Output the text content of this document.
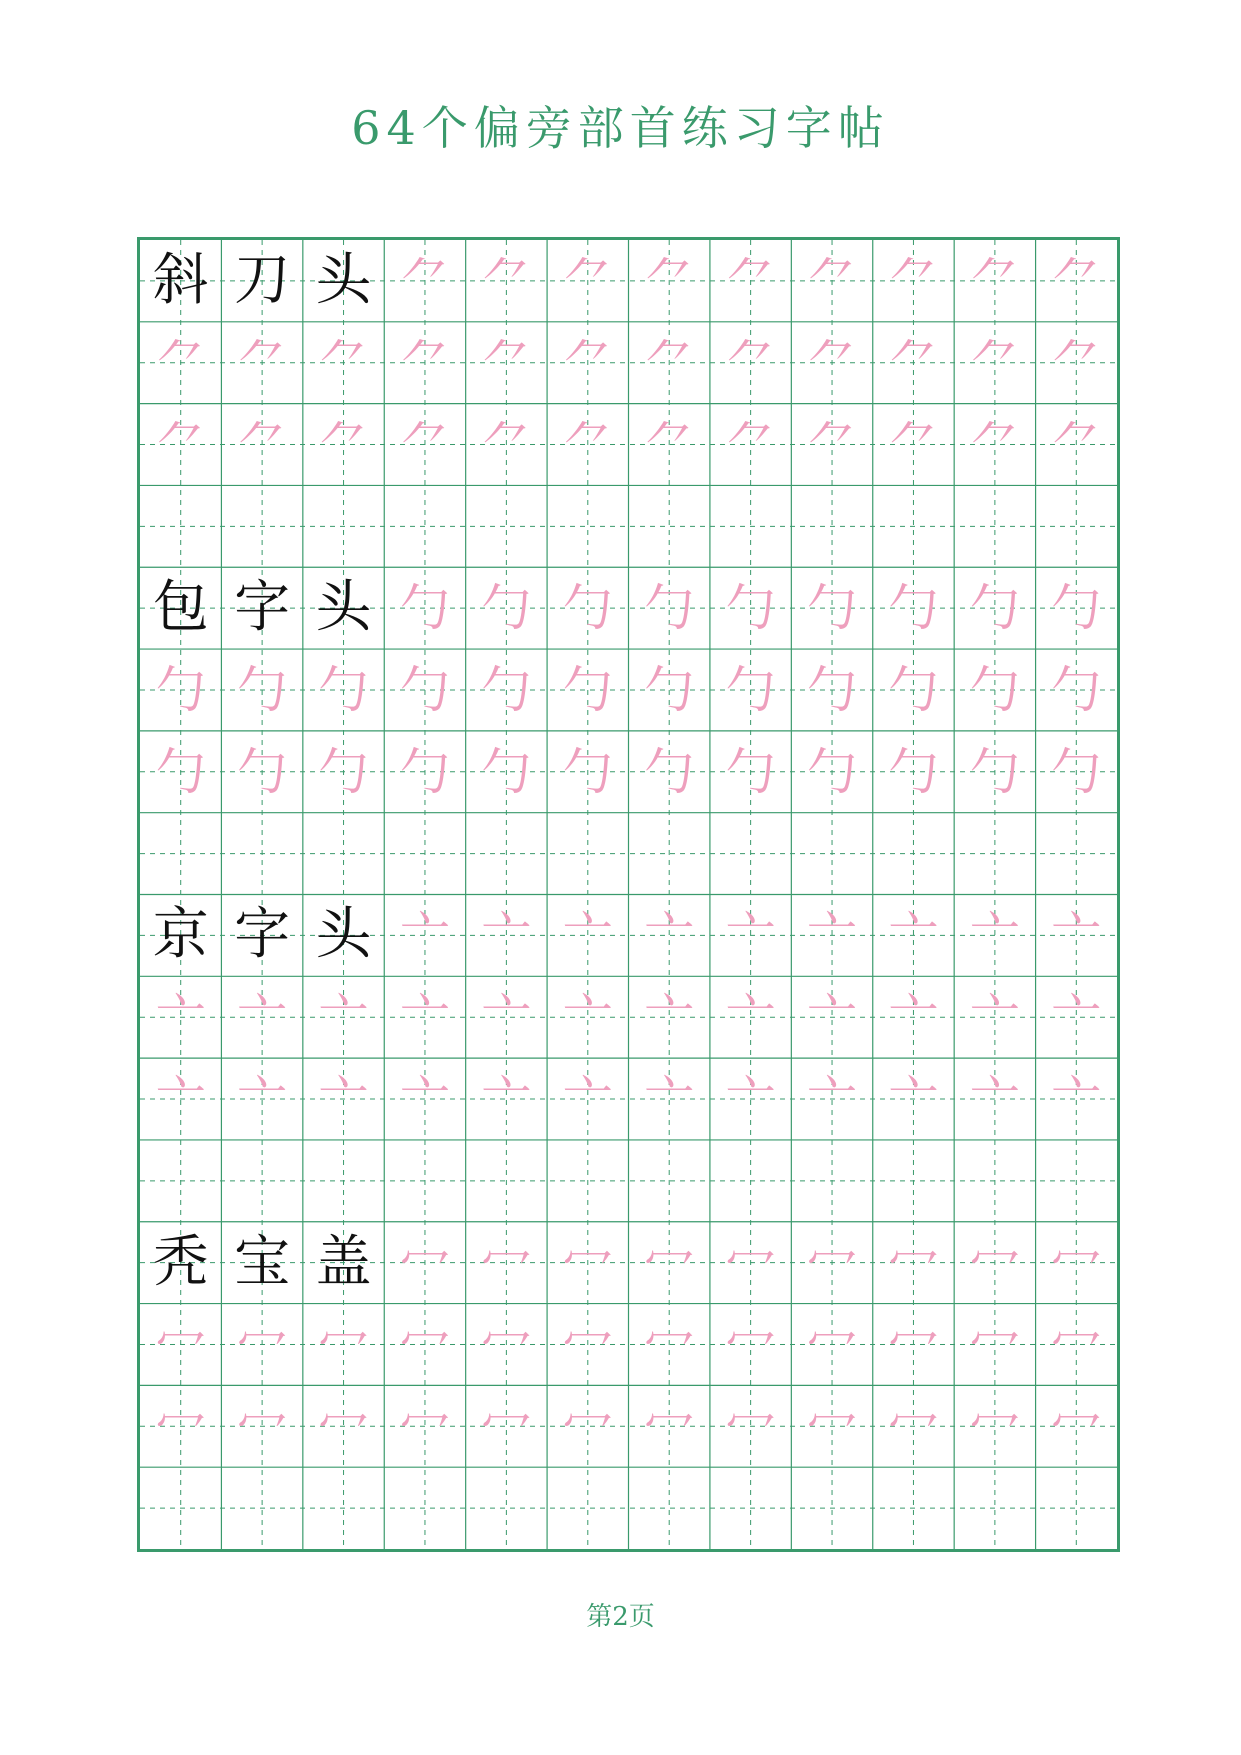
64个偏旁部首练习字帖
斜 刀 头 ⺈ ⺈ ⺈ ⺈ ⺈ ⺈ ⺈ ⺈ ⺈
⺈ ⺈ ⺈ ⺈ ⺈ ⺈ ⺈ ⺈ ⺈ ⺈ ⺈ ⺈
⺈ ⺈ ⺈ ⺈ ⺈ ⺈ ⺈ ⺈ ⺈ ⺈ ⺈ ⺈
包 字 头 勹 勹 勹 勹 勹 勹 勹 勹 勹
勹 勹 勹 勹 勹 勹 勹 勹 勹 勹 勹 勹
勹 勹 勹 勹 勹 勹 勹 勹 勹 勹 勹 勹
京 字 头 亠 亠 亠 亠 亠 亠 亠 亠 亠
亠 亠 亠 亠 亠 亠 亠 亠 亠 亠 亠 亠
亠 亠 亠 亠 亠 亠 亠 亠 亠 亠 亠 亠
秃 宝 盖 冖 冖 冖 冖 冖 冖 冖 冖 冖
冖 冖 冖 冖 冖 冖 冖 冖 冖 冖 冖 冖
冖 冖 冖 冖 冖 冖 冖 冖 冖 冖 冖 冖
第2页
